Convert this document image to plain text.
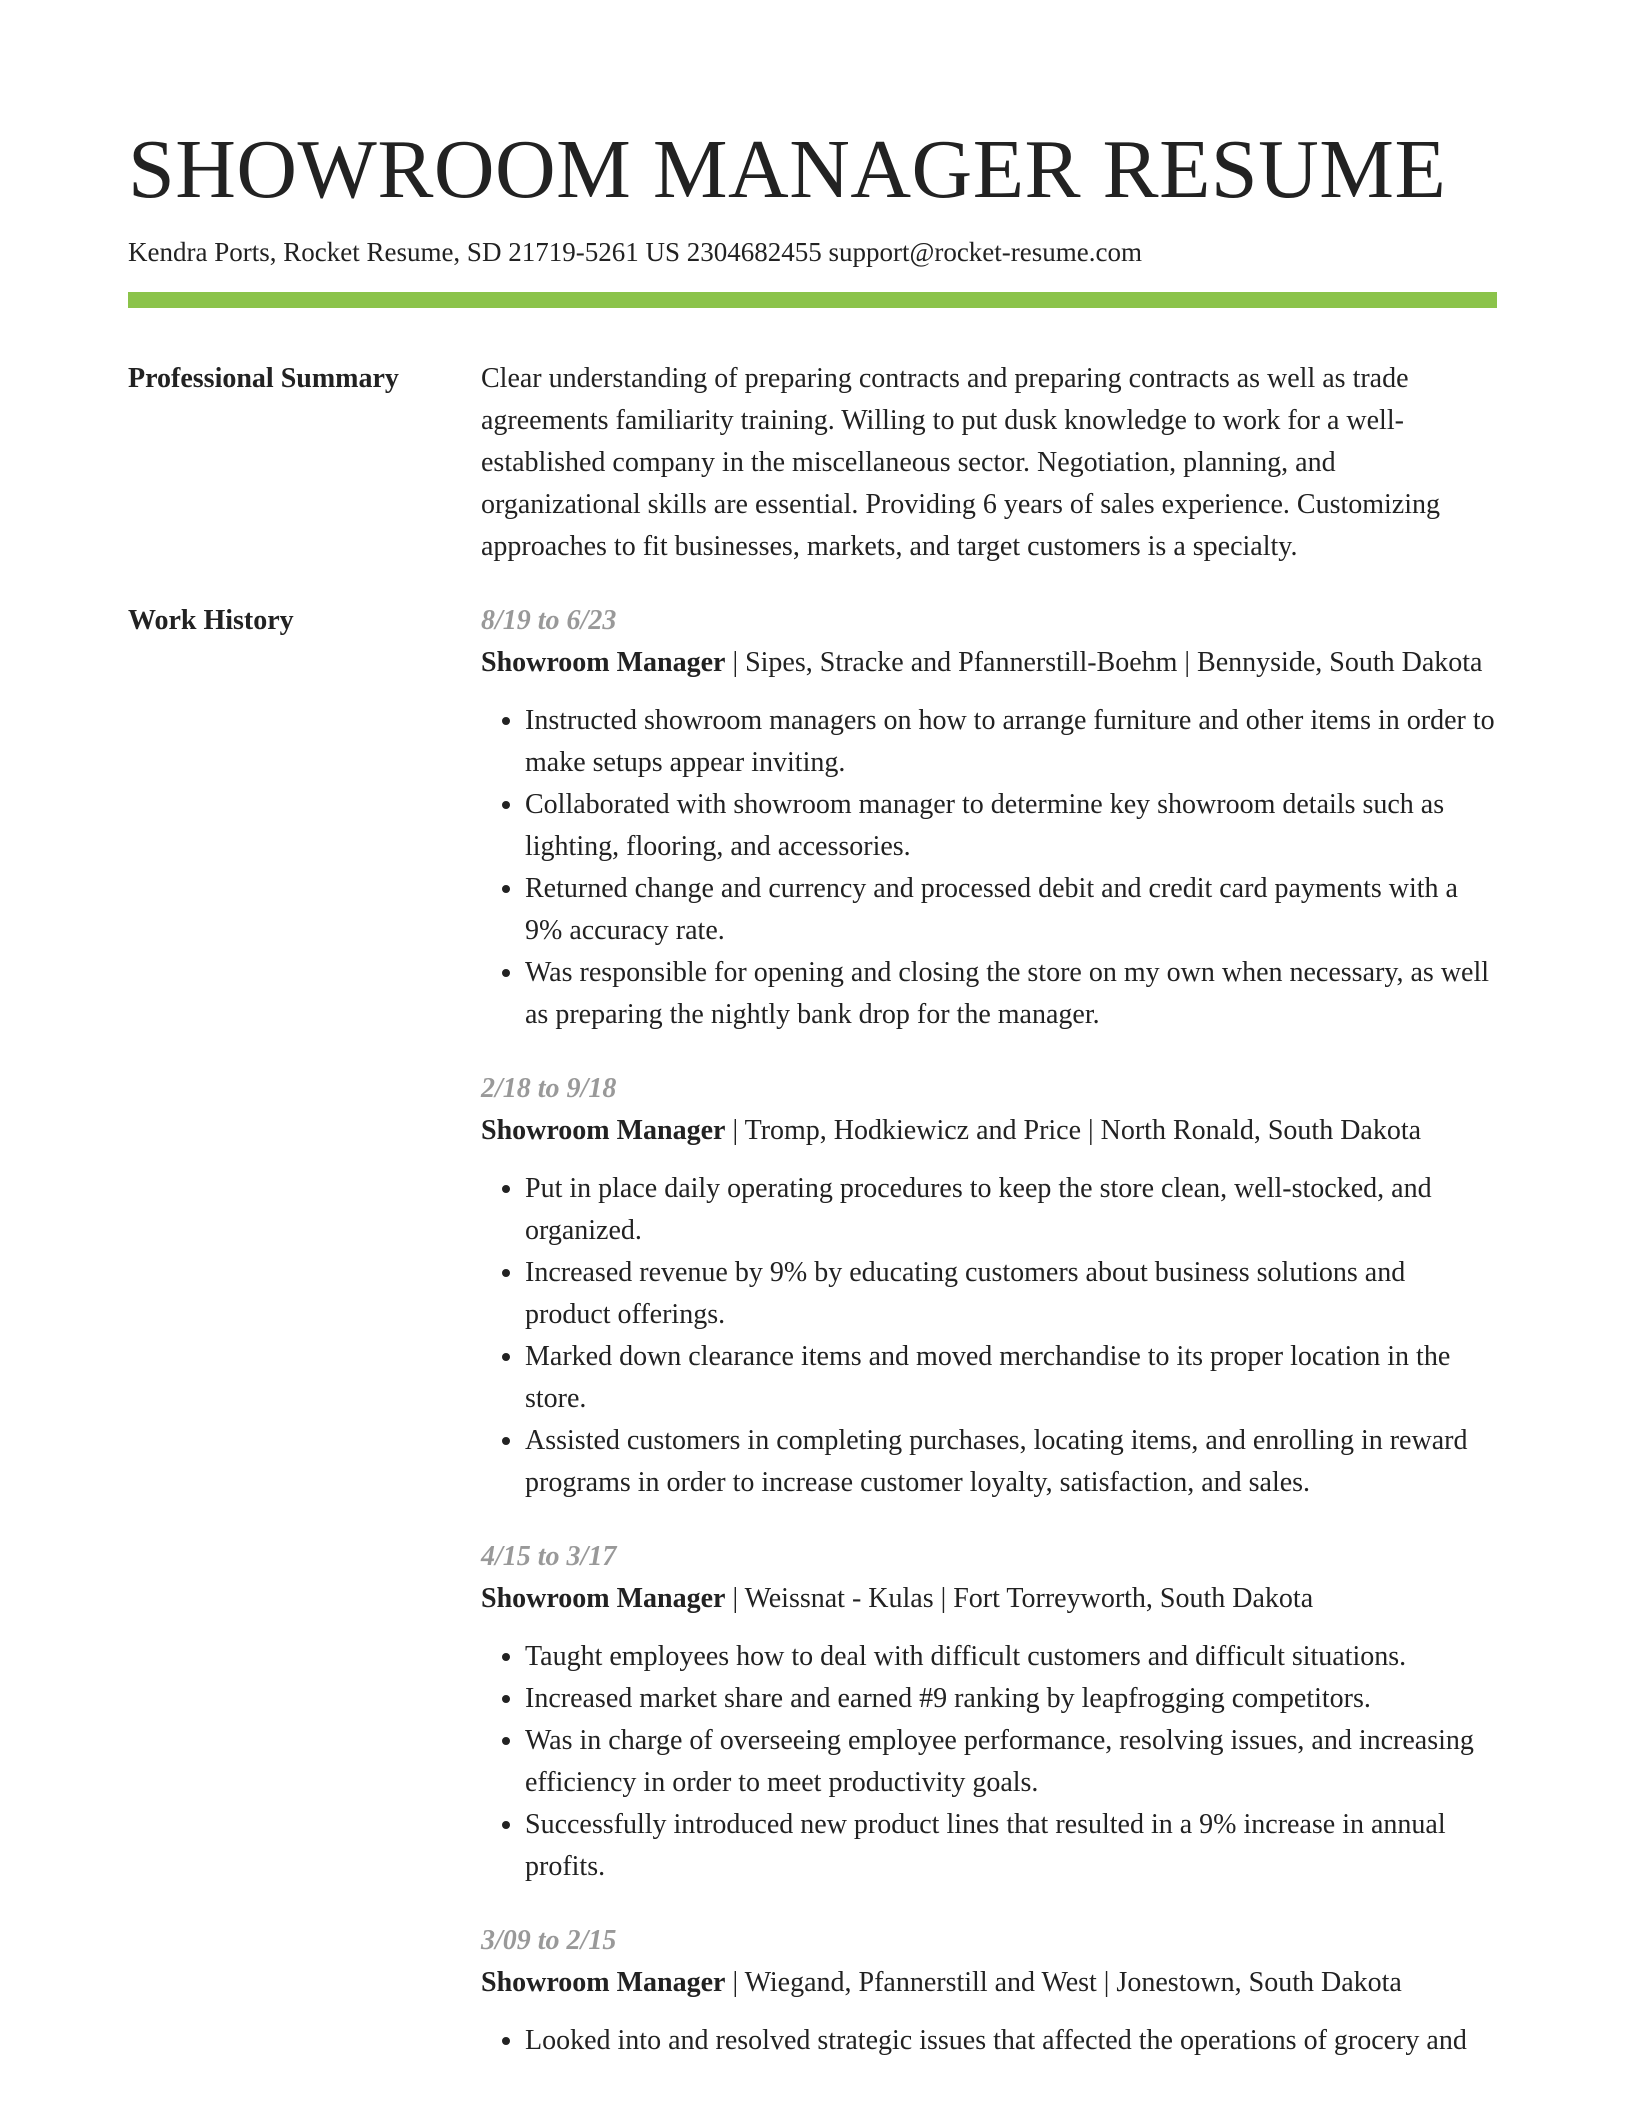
SHOWROOM MANAGER RESUME
Kendra Ports, Rocket Resume, SD 21719-5261 US 2304682455 support@rocket-resume.com
Professional Summary	Clear understanding of preparing contracts and preparing contracts as well as trade agreements familiarity training. Willing to put dusk knowledge to work for a well-established company in the miscellaneous sector. Negotiation, planning, and organizational skills are essential. Providing 6 years of sales experience. Customizing approaches to fit businesses, markets, and target customers is a specialty.

Work History	8/19 to 6/23

Showroom Manager | Sipes, Stracke and Pfannerstill-Boehm | Bennyside, South Dakota

• Instructed showroom managers on how to arrange furniture and other items in order to make setups appear inviting.
• Collaborated with showroom manager to determine key showroom details such as lighting, flooring, and accessories.
• Returned change and currency and processed debit and credit card payments with a 9% accuracy rate.
• Was responsible for opening and closing the store on my own when necessary, as well as preparing the nightly bank drop for the manager.
2/18 to 9/18

Showroom Manager | Tromp, Hodkiewicz and Price | North Ronald, South Dakota

• Put in place daily operating procedures to keep the store clean, well-stocked, and organized.
• Increased revenue by 9% by educating customers about business solutions and product offerings.
• Marked down clearance items and moved merchandise to its proper location in the store.
• Assisted customers in completing purchases, locating items, and enrolling in reward programs in order to increase customer loyalty, satisfaction, and sales.
4/15 to 3/17

Showroom Manager | Weissnat - Kulas | Fort Torreyworth, South Dakota

• Taught employees how to deal with difficult customers and difficult situations.
• Increased market share and earned #9 ranking by leapfrogging competitors.
• Was in charge of overseeing employee performance, resolving issues, and increasing efficiency in order to meet productivity goals.
• Successfully introduced new product lines that resulted in a 9% increase in annual profits.
3/09 to 2/15

Showroom Manager | Wiegand, Pfannerstill and West | Jonestown, South Dakota

• Looked into and resolved strategic issues that affected the operations of grocery and
